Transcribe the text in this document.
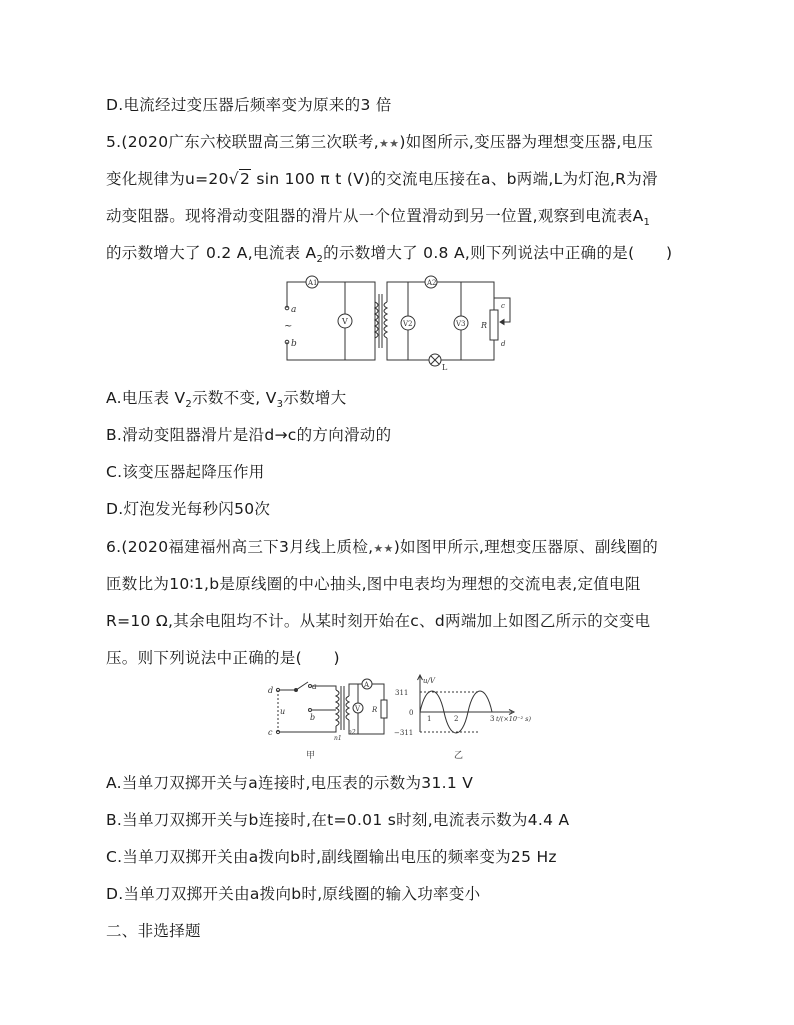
D.电流经过变压器后频率变为原来的3 倍
5.(2020广东六校联盟高三第三次联考,★★)如图所示,变压器为理想变压器,电压
变化规律为u=20√2 sin 100 π t (V)的交流电压接在a、b两端,L为灯泡,R为滑
动变阻器。现将滑动变阻器的滑片从一个位置滑动到另一位置,观察到电流表$A_1$
的示数增大了 0.2 A,电流表 $A_2$的示数增大了 0.8 A,则下列说法中正确的是(　　)
a
b
~
A1
V	V2
A2
V3
L
R
c
d
A.电压表 $V_2$示数不变, $V_3$示数增大
B.滑动变阻器滑片是沿d→c的方向滑动的
C.该变压器起降压作用
D.灯泡发光每秒闪50次
6.(2020福建福州高三下3月线上质检,★★)如图甲所示,理想变压器原、副线圈的
匝数比为10∶1,b是原线圈的中心抽头,图中电表均为理想的交流电表,定值电阻
R=10 Ω,其余电阻均不计。从某时刻开始在c、d两端加上如图乙所示的交变电
压。则下列说法中正确的是(　　)
d
c
u
a
b
n1
n2
A
V R
甲
u/V
311
0
−311
1	2	3 t/(×10⁻² s)
乙
A.当单刀双掷开关与a连接时,电压表的示数为31.1 V
B.当单刀双掷开关与b连接时,在t=0.01 s时刻,电流表示数为4.4 A
C.当单刀双掷开关由a拨向b时,副线圈输出电压的频率变为25 Hz
D.当单刀双掷开关由a拨向b时,原线圈的输入功率变小
二、非选择题
